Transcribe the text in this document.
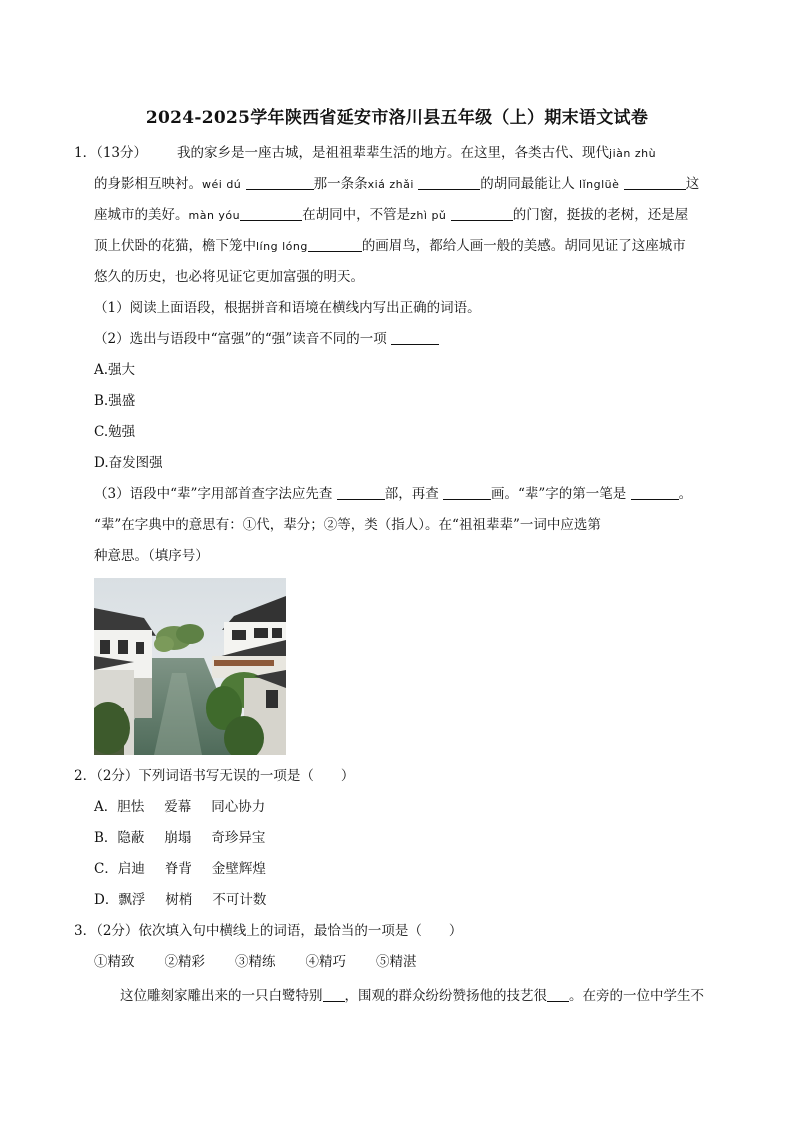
2024-2025学年陕西省延安市洛川县五年级（上）期末语文试卷
1．（13分） 我的家乡是一座古城，是祖祖辈辈生活的地方。在这里，各类古代、现代jiàn zhù
的身影相互映衬。wéi dú	那一条条xiá zhǎi	的胡同最能让人 lǐnglüè	这
座城市的美好。màn yóu	在胡同中，不管是zhì pǔ	的门窗，挺拔的老树，还是屋
顶上伏卧的花猫，檐下笼中líng lóng	的画眉鸟，都给人画一般的美感。胡同见证了这座城市
悠久的历史，也必将见证它更加富强的明天。
（1）阅读上面语段，根据拼音和语境在横线内写出正确的词语。
（2）选出与语段中“富强”的“强”读音不同的一项
A.强大
B.强盛
C.勉强
D.奋发图强
（3）语段中“辈”字用部首查字法应先查	部，再查	画。“辈”字的第一笔是	。
“辈”在字典中的意思有：①代，辈分；②等，类（指人）。在“祖祖辈辈”一词中应选第
种意思。（填序号）
2．（2分）下列词语书写无误的一项是（　　）
A．胆怯 爱幕 同心协力
B．隐蔽 崩塌 奇珍异宝
C．启迪 脊背 金壁辉煌
D．飘浮 树梢 不可计数
3．（2分）依次填入句中横线上的词语，最恰当的一项是（　　）
①精致 ②精彩 ③精练 ④精巧 ⑤精湛
这位雕刻家雕出来的一只白鹭特别 ，围观的群众纷纷赞扬他的技艺很 。在旁的一位中学生不
